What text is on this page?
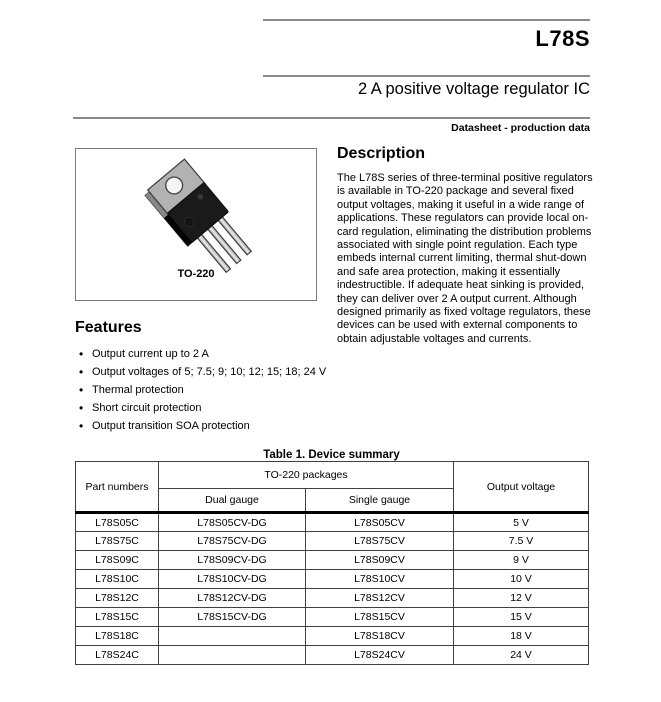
L78S
2 A positive voltage regulator IC
Datasheet - production data
TO-220
Description
The L78S series of three-terminal positive regulators is available in TO-220 package and several fixed output voltages, making it useful in a wide range of applications. These regulators can provide local on-card regulation, eliminating the distribution problems associated with single point regulation. Each type embeds internal current limiting, thermal shut-down and safe area protection, making it essentially indestructible. If adequate heat sinking is provided, they can deliver over 2 A output current. Although designed primarily as fixed voltage regulators, these devices can be used with external components to obtain adjustable voltages and currents.
Features
• Output current up to 2 A
• Output voltages of 5; 7.5; 9; 10; 12; 15; 18; 24 V
• Thermal protection
• Short circuit protection
• Output transition SOA protection
Table 1. Device summary
Part numbers	TO-220 packages		Output voltage
	Dual gauge	Single gauge	
L78S05C	L78S05CV-DG	L78S05CV	5 V
L78S75C	L78S75CV-DG	L78S75CV	7.5 V
L78S09C	L78S09CV-DG	L78S09CV	9 V
L78S10C	L78S10CV-DG	L78S10CV	10 V
L78S12C	L78S12CV-DG	L78S12CV	12 V
L78S15C	L78S15CV-DG	L78S15CV	15 V
L78S18C		L78S18CV	18 V
L78S24C		L78S24CV	24 V
